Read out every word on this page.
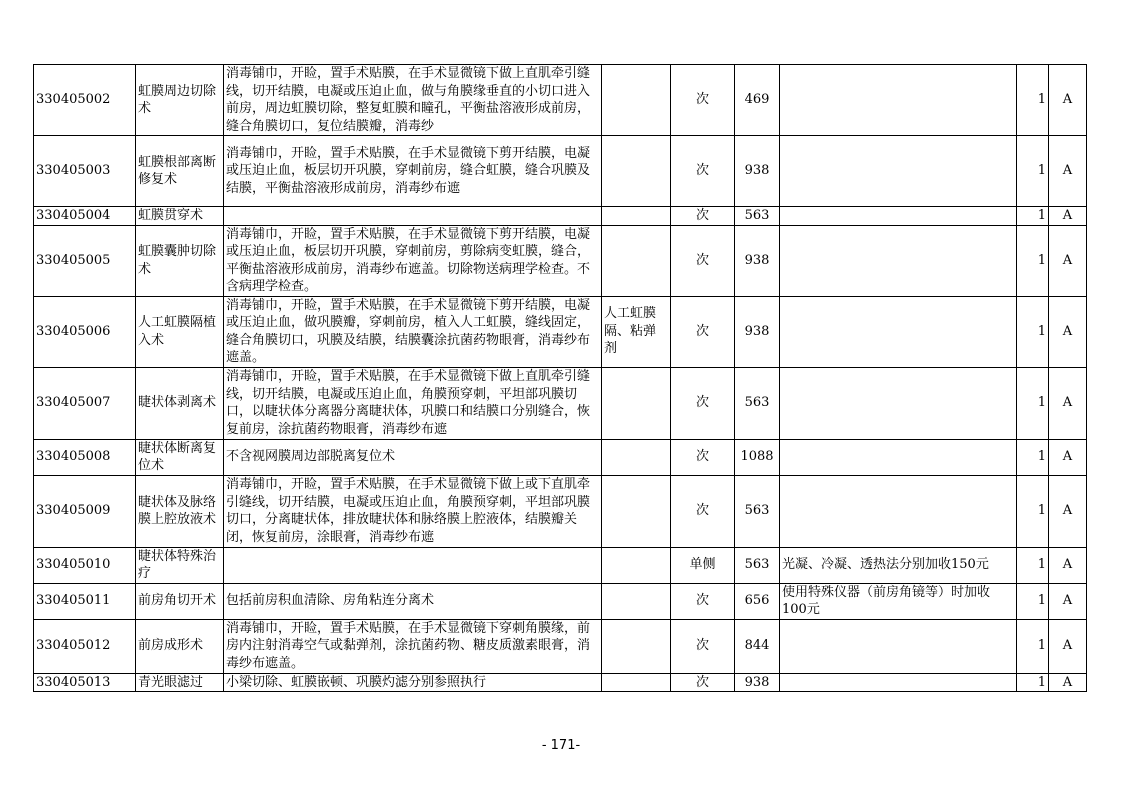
330405002	虹膜周边切除术	消毒铺巾，开睑，置手术贴膜，在手术显微镜下做上直肌牵引缝线，切开结膜，电凝或压迫止血，做与角膜缘垂直的小切口进入前房，周边虹膜切除，整复虹膜和瞳孔，平衡盐溶液形成前房，缝合角膜切口，复位结膜瓣，消毒纱		次	469		1	A
330405003	虹膜根部离断修复术	消毒铺巾，开睑，置手术贴膜，在手术显微镜下剪开结膜，电凝或压迫止血，板层切开巩膜，穿刺前房，缝合虹膜，缝合巩膜及结膜，平衡盐溶液形成前房，消毒纱布遮		次	938		1	A
330405004	虹膜贯穿术			次	563		1	A
330405005	虹膜囊肿切除术	消毒铺巾，开睑，置手术贴膜，在手术显微镜下剪开结膜，电凝或压迫止血，板层切开巩膜，穿刺前房，剪除病变虹膜，缝合，平衡盐溶液形成前房，消毒纱布遮盖。切除物送病理学检查。不含病理学检查。		次	938		1	A
330405006	人工虹膜隔植入术	消毒铺巾，开睑，置手术贴膜，在手术显微镜下剪开结膜，电凝或压迫止血，做巩膜瓣，穿刺前房，植入人工虹膜，缝线固定，缝合角膜切口，巩膜及结膜，结膜囊涂抗菌药物眼膏，消毒纱布遮盖。	人工虹膜隔、粘弹剂	次	938		1	A
330405007	睫状体剥离术	消毒铺巾，开睑，置手术贴膜，在手术显微镜下做上直肌牵引缝线，切开结膜，电凝或压迫止血，角膜预穿刺，平坦部巩膜切口，以睫状体分离器分离睫状体，巩膜口和结膜口分别缝合，恢复前房，涂抗菌药物眼膏，消毒纱布遮		次	563		1	A
330405008	睫状体断离复位术	不含视网膜周边部脱离复位术		次	1088		1	A
330405009	睫状体及脉络膜上腔放液术	消毒铺巾，开睑，置手术贴膜，在手术显微镜下做上或下直肌牵引缝线，切开结膜，电凝或压迫止血，角膜预穿刺，平坦部巩膜切口，分离睫状体，排放睫状体和脉络膜上腔液体，结膜瓣关闭，恢复前房，涂眼膏，消毒纱布遮		次	563		1	A
330405010	睫状体特殊治疗			单侧	563	光凝、冷凝、透热法分别加收150元	1	A
330405011	前房角切开术	包括前房积血清除、房角粘连分离术		次	656	使用特殊仪器（前房角镜等）时加收100元	1	A
330405012	前房成形术	消毒铺巾，开睑，置手术贴膜，在手术显微镜下穿刺角膜缘，前房内注射消毒空气或黏弹剂，涂抗菌药物、糖皮质激素眼膏，消毒纱布遮盖。		次	844		1	A
330405013	青光眼滤过	小梁切除、虹膜嵌顿、巩膜灼滤分别参照执行		次	938		1	A
- 171-
